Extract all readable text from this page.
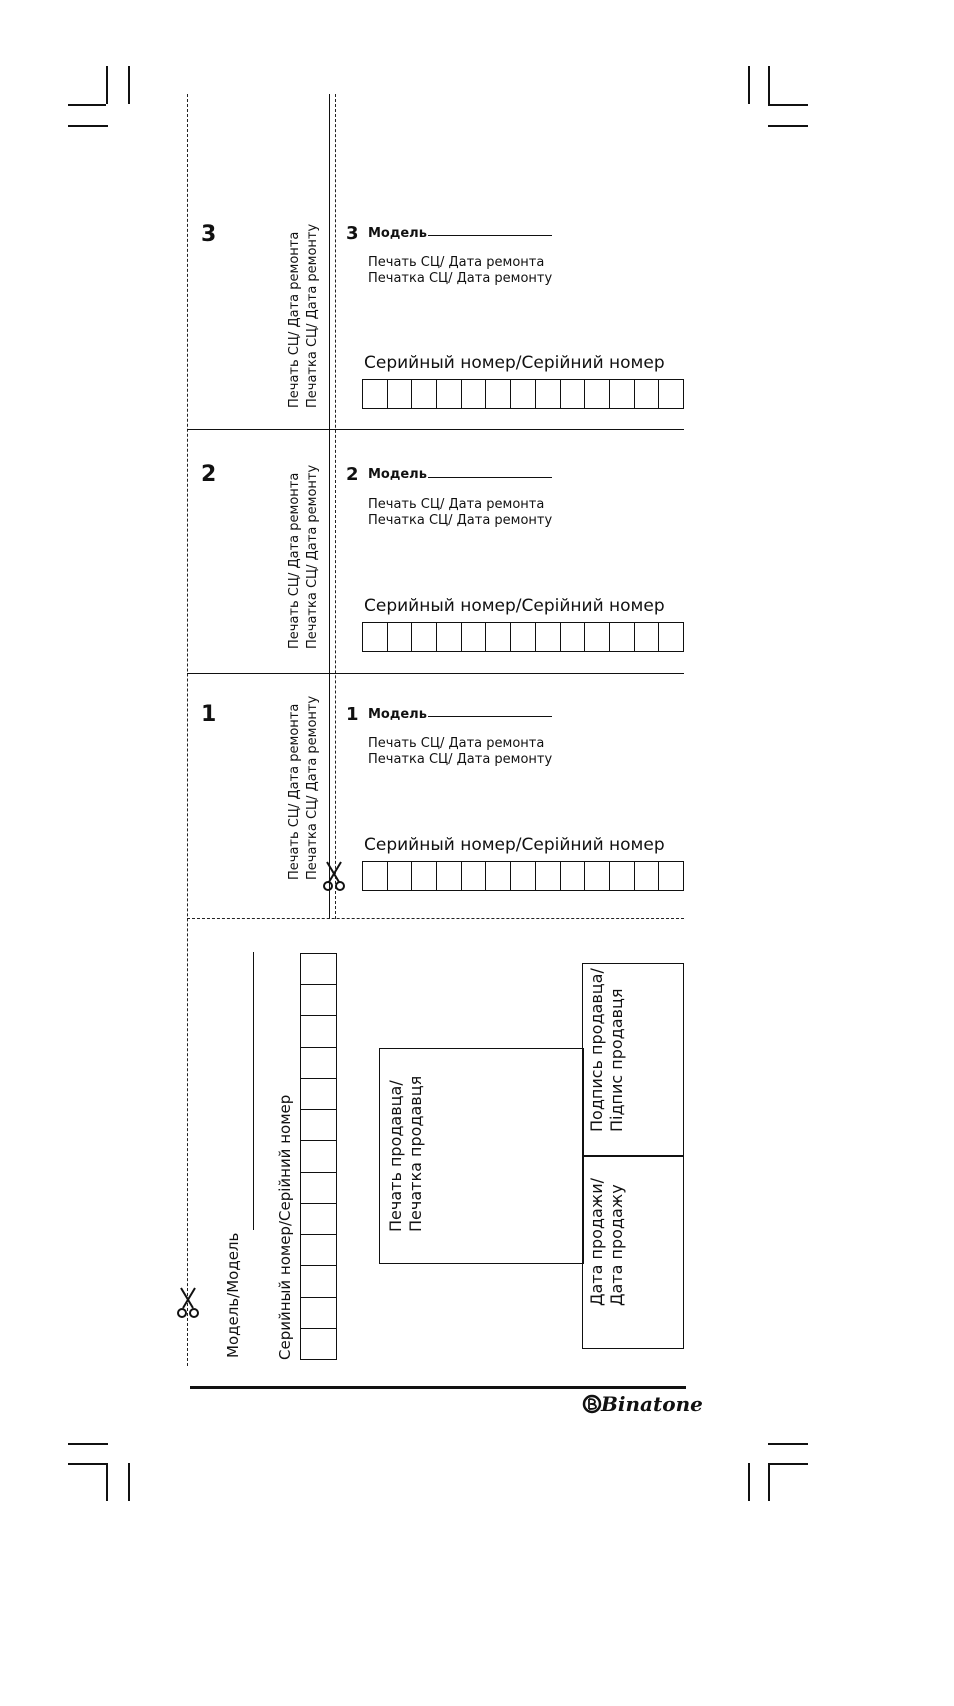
3	Печать СЦ/ Дата ремонта Печатка СЦ/ Дата ремонту 3 Модель
Печать СЦ/ Дата ремонта
Печатка СЦ/ Дата ремонту
Серийный номер/Серійний номер
2	Печать СЦ/ Дата ремонта Печатка СЦ/ Дата ремонту 2 Модель
Печать СЦ/ Дата ремонта
Печатка СЦ/ Дата ремонту
Серийный номер/Серійний номер
1	Печать СЦ/ Дата ремонта Печатка СЦ/ Дата ремонту 1 Модель
Печать СЦ/ Дата ремонта
Печатка СЦ/ Дата ремонту
Серийный номер/Серійний номер
Модель/Модель Серийный номер/Серійний номер	Печать продавца/ Печатка продавця
Подпись продавца/ Підпис продавця
Дата продажи/ Дата продажу
Binatone
